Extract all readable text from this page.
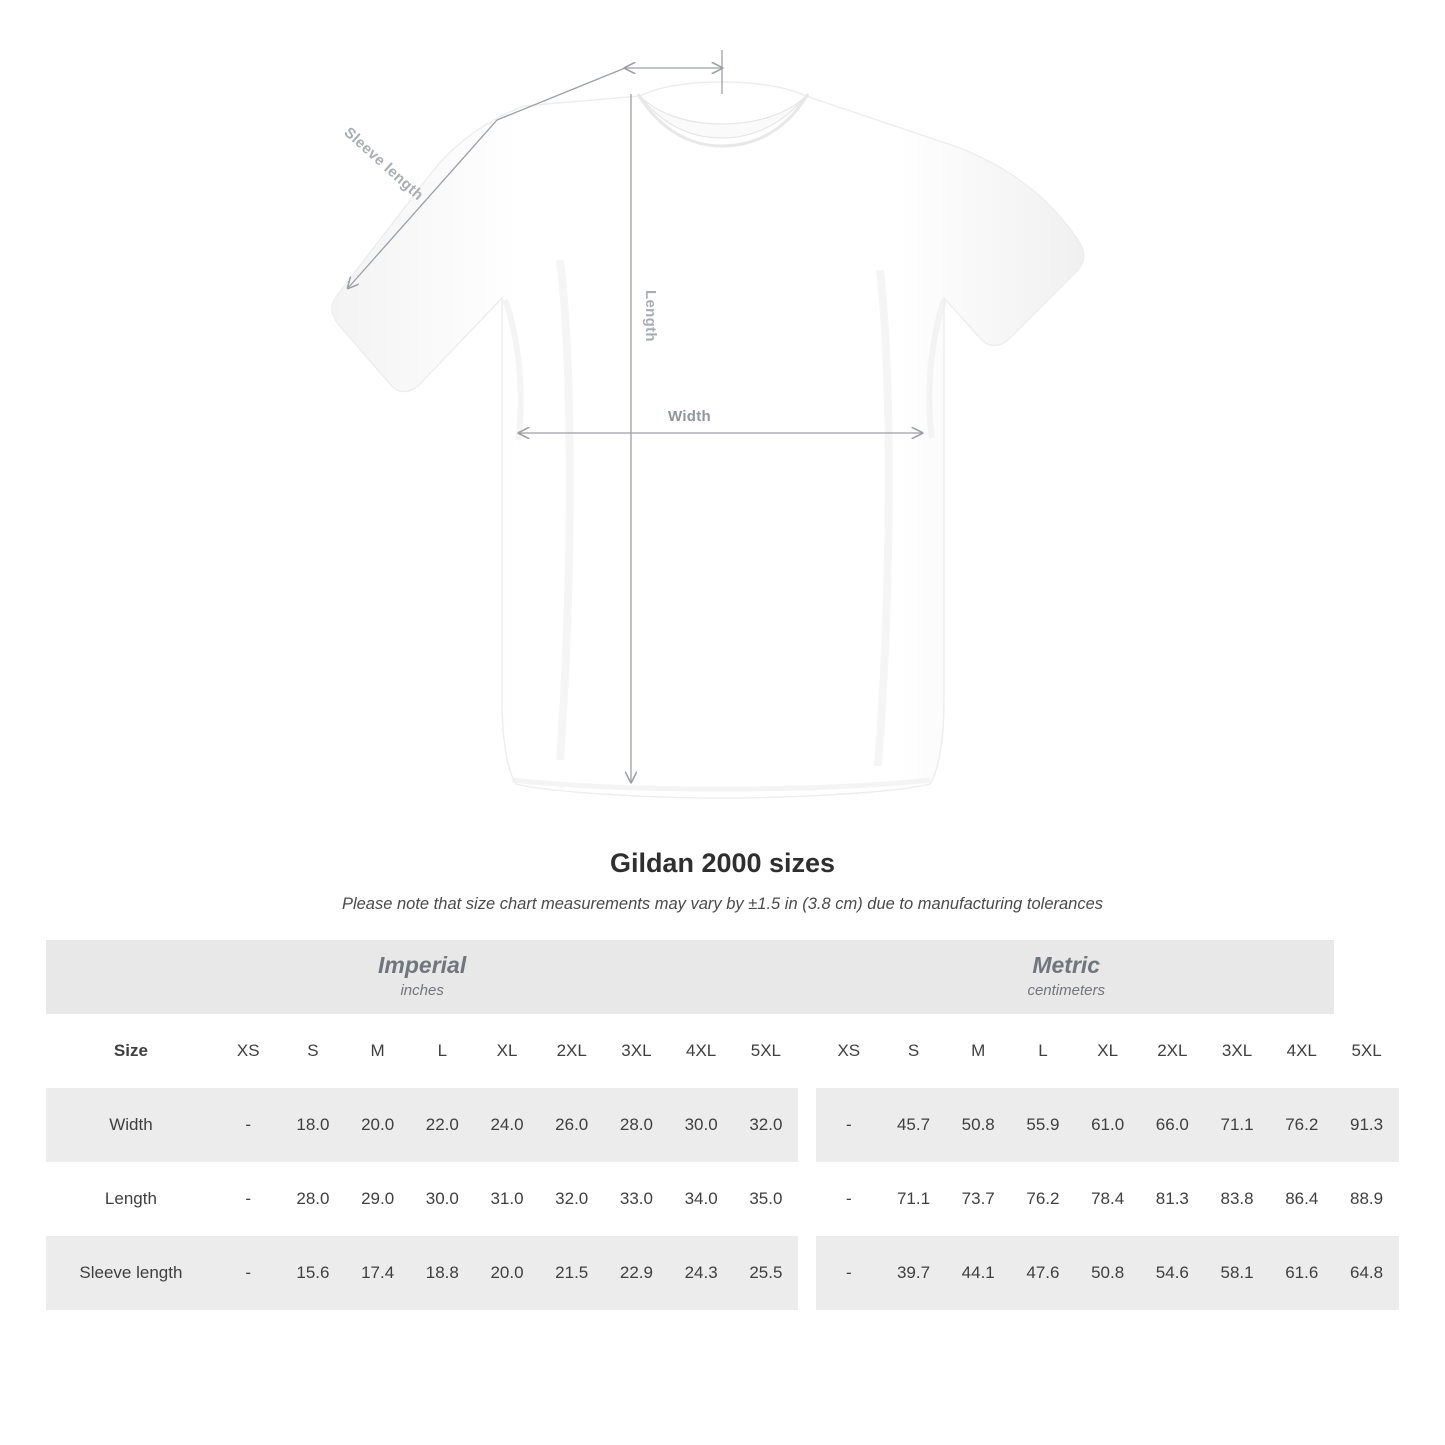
Sleeve length
Length
Width
Gildan 2000 sizes

Please note that size chart measurements may vary by ±1.5 in (3.8 cm) due to manufacturing tolerances

Imperial
inches

Metric
centimeters

Size	XS	S	M	L	XL	2XL	3XL	4XL	5XL		XS	S	M	L	XL	2XL	3XL	4XL	5XL
Width	-	18.0	20.0	22.0	24.0	26.0	28.0	30.0	32.0		-	45.7	50.8	55.9	61.0	66.0	71.1	76.2	91.3
Length	-	28.0	29.0	30.0	31.0	32.0	33.0	34.0	35.0		-	71.1	73.7	76.2	78.4	81.3	83.8	86.4	88.9
Sleeve length	-	15.6	17.4	18.8	20.0	21.5	22.9	24.3	25.5		-	39.7	44.1	47.6	50.8	54.6	58.1	61.6	64.8
